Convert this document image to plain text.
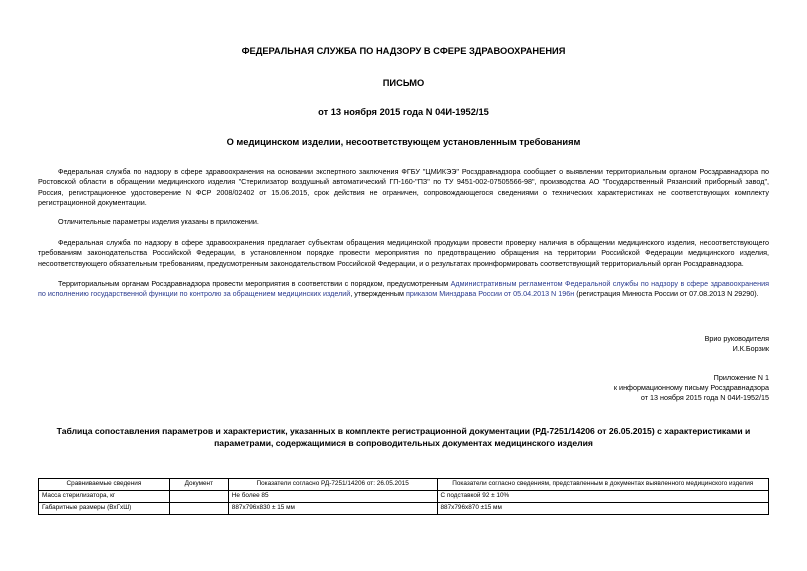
ФЕДЕРАЛЬНАЯ СЛУЖБА ПО НАДЗОРУ В СФЕРЕ ЗДРАВООХРАНЕНИЯ
ПИСЬМО
от 13 ноября 2015 года N 04И-1952/15
О медицинском изделии, несоответствующем установленным требованиям
Федеральная служба по надзору в сфере здравоохранения на основании экспертного заключения ФГБУ "ЦМИКЭЭ" Росздравнадзора сообщает о выявлении территориальным органом Росздравнадзора по Ростовской области в обращении медицинского изделия "Стерилизатор воздушный автоматический ГП-160-"ПЗ" по ТУ 9451-002-07505566-98", производства АО "Государственный Рязанский приборный завод", Россия, регистрационное удостоверение N ФСР 2008/02402 от 15.06.2015, срок действия не ограничен, сопровождающегося сведениями о технических характеристиках не соответствующих комплекту регистрационной документации.
Отличительные параметры изделия указаны в приложении.
Федеральная служба по надзору в сфере здравоохранения предлагает субъектам обращения медицинской продукции провести проверку наличия в обращении медицинского изделия, несоответствующего требованиям законодательства Российской Федерации, в установленном порядке провести мероприятия по предотвращению обращения на территории Российской Федерации медицинского изделия, несоответствующего обязательным требованиям, предусмотренным законодательством Российской Федерации, и о результатах проинформировать соответствующий территориальный орган Росздравнадзора.
Территориальным органам Росздравнадзора провести мероприятия в соответствии с порядком, предусмотренным Административным регламентом Федеральной службы по надзору в сфере здравоохранения по исполнению государственной функции по контролю за обращением медицинских изделий, утвержденным приказом Минздрава России от 05.04.2013 N 196н (регистрация Минюста России от 07.08.2013 N 29290).
Врио руководителя
И.К.Борзик
Приложение N 1
к информационному письму Росздравнадзора
от 13 ноября 2015 года N 04И-1952/15
Таблица сопоставления параметров и характеристик, указанных в комплекте регистрационной документации (РД-7251/14206 от 26.05.2015) с характеристиками и параметрами, содержащимися в сопроводительных документах медицинского изделия
Сравниваемые сведения	Документ	Показатели согласно РД-7251/14206 от: 26.05.2015	Показатели согласно сведениям, представленным в документах выявленного медицинского изделия
Масса стерилизатора, кг		Не более 85	С подставкой 92 ± 10%
Габаритные размеры (ВхГхШ)		887х796х830 ± 15 мм	887х796х870 ±15 мм
